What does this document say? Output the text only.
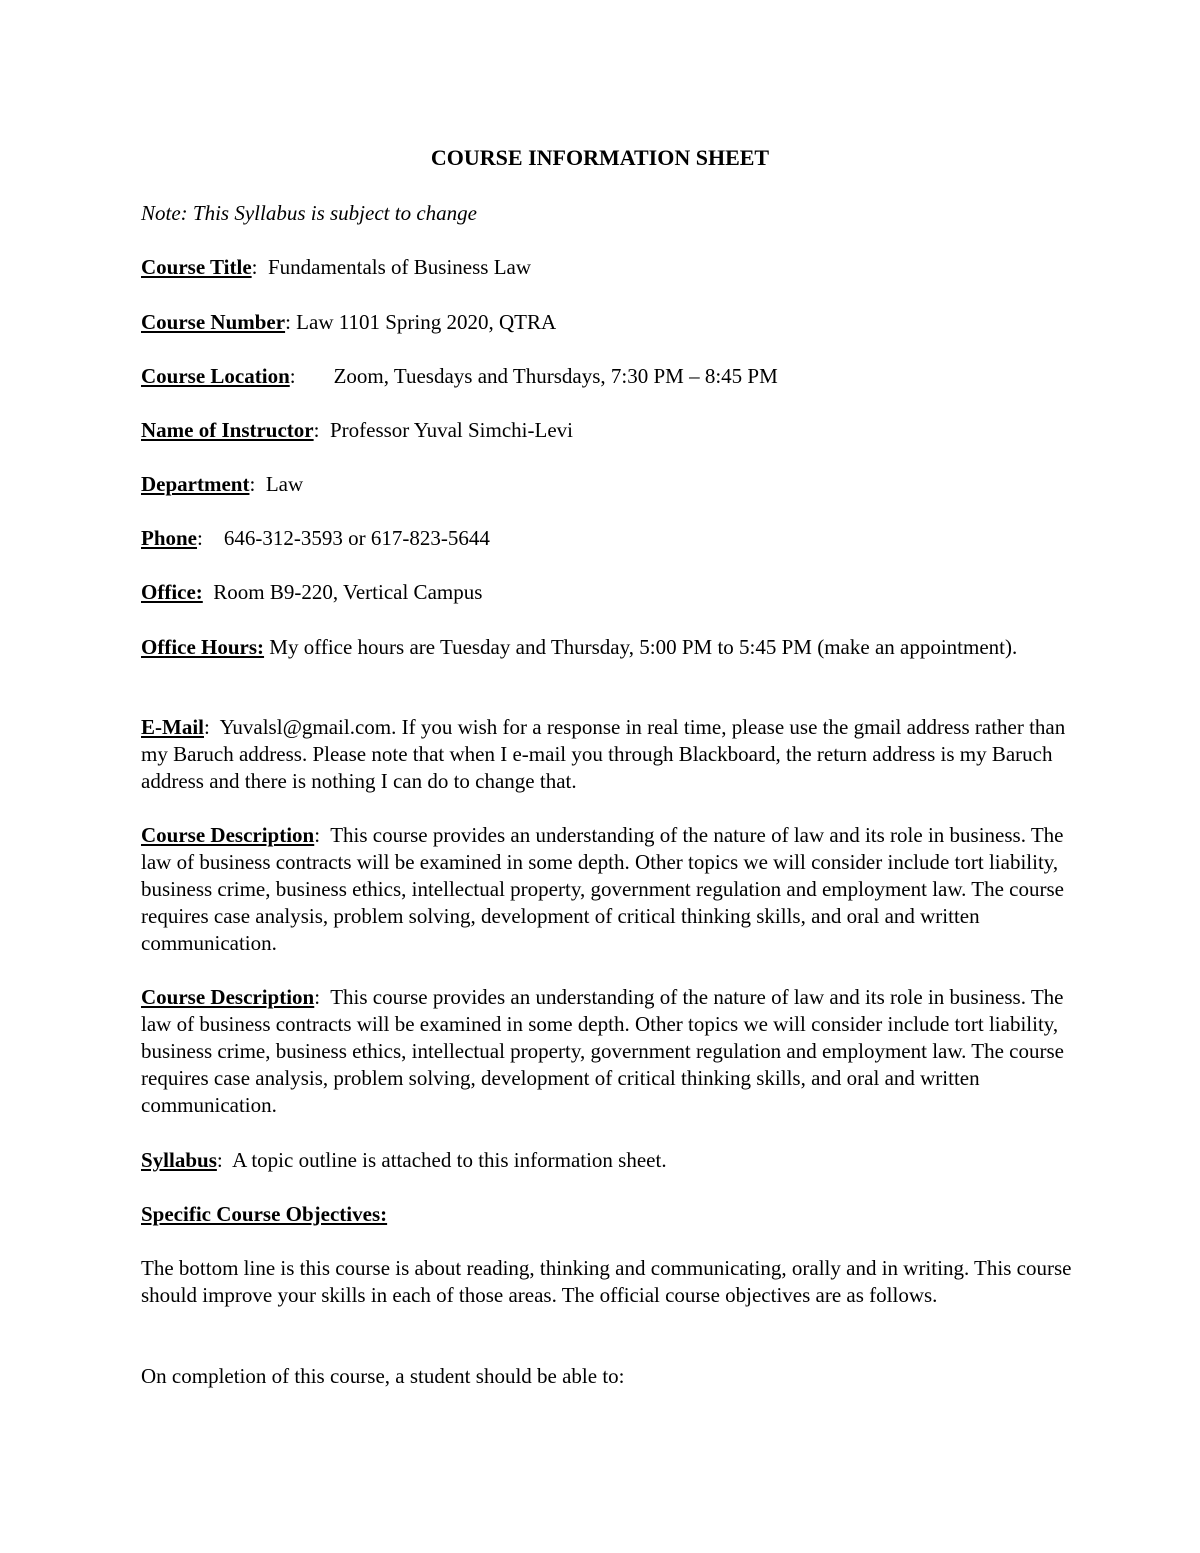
COURSE INFORMATION SHEET

Note: This Syllabus is subject to change

Course Title:  Fundamentals of Business Law

Course Number: Law 1101 Spring 2020, QTRA

Course Location: Zoom, Tuesdays and Thursdays, 7:30 PM – 8:45 PM

Name of Instructor:  Professor Yuval Simchi-Levi

Department:  Law

Phone:    646-312-3593 or 617-823-5644

Office: Room B9-220, Vertical Campus

Office Hours: My office hours are Tuesday and Thursday, 5:00 PM to 5:45 PM (make an appointment).

E-Mail:  Yuvalsl@gmail.com. If you wish for a response in real time, please use the gmail address rather than my Baruch address. Please note that when I e-mail you through Blackboard, the return address is my Baruch address and there is nothing I can do to change that.

Course Description:  This course provides an understanding of the nature of law and its role in business. The law of business contracts will be examined in some depth. Other topics we will consider include tort liability, business crime, business ethics, intellectual property, government regulation and employment law. The course requires case analysis, problem solving, development of critical thinking skills, and oral and written communication.

Course Description:  This course provides an understanding of the nature of law and its role in business. The law of business contracts will be examined in some depth. Other topics we will consider include tort liability, business crime, business ethics, intellectual property, government regulation and employment law. The course requires case analysis, problem solving, development of critical thinking skills, and oral and written communication.

Syllabus:  A topic outline is attached to this information sheet.

Specific Course Objectives:

The bottom line is this course is about reading, thinking and communicating, orally and in writing. This course should improve your skills in each of those areas. The official course objectives are as follows.

On completion of this course, a student should be able to:
